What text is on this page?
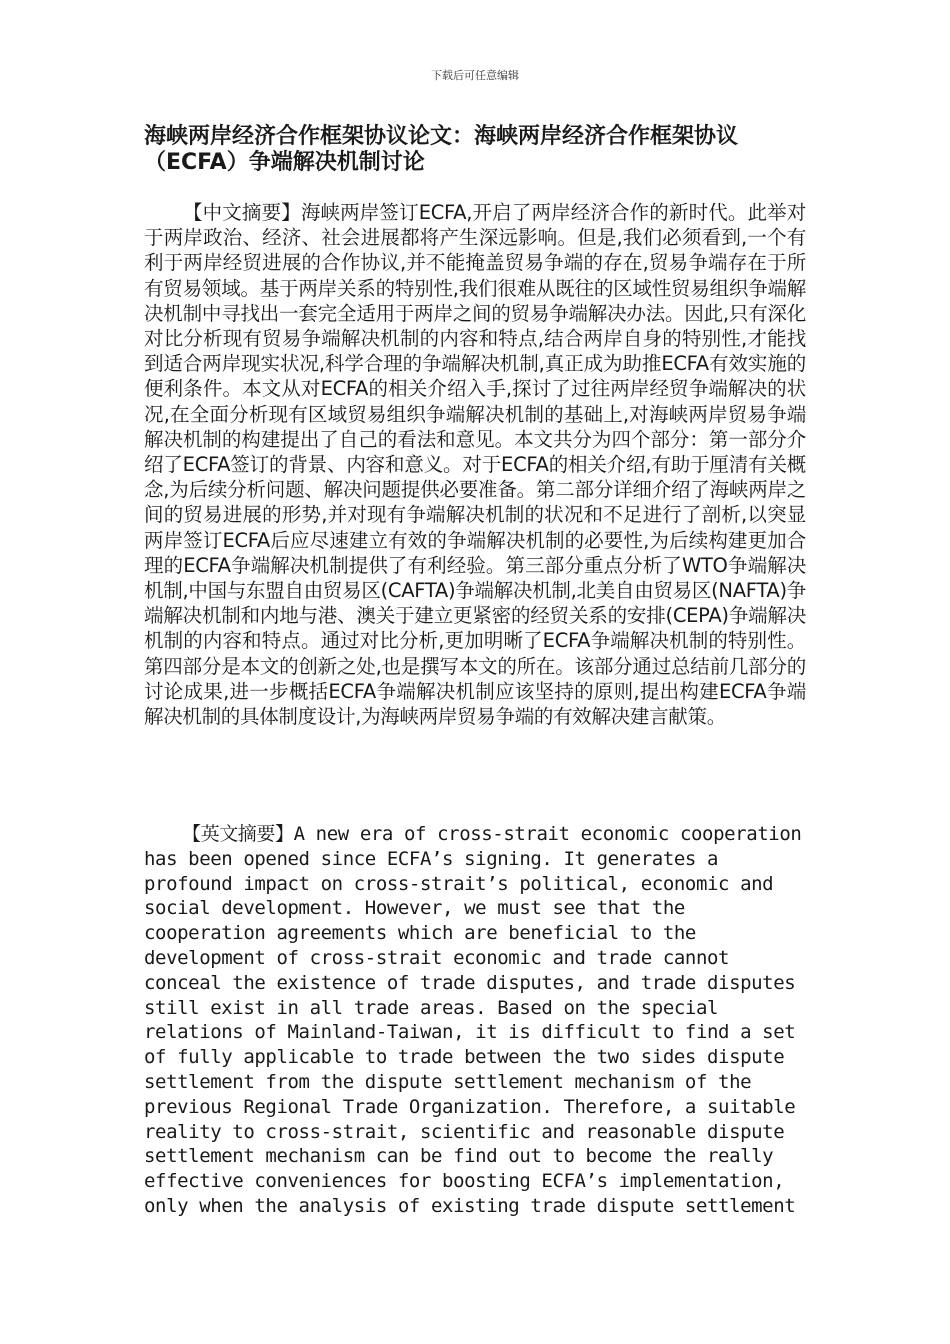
下载后可任意编辑
海峡两岸经济合作框架协议论文：海峡两岸经济合作框架协议（ECFA）争端解决机制讨论

【中文摘要】海峡两岸签订ECFA,开启了两岸经济合作的新时代。此举对于两岸政治、经济、社会进展都将产生深远影响。但是,我们必须看到,一个有利于两岸经贸进展的合作协议,并不能掩盖贸易争端的存在,贸易争端存在于所有贸易领域。基于两岸关系的特别性,我们很难从既往的区域性贸易组织争端解决机制中寻找出一套完全适用于两岸之间的贸易争端解决办法。因此,只有深化对比分析现有贸易争端解决机制的内容和特点,结合两岸自身的特别性,才能找到适合两岸现实状况,科学合理的争端解决机制,真正成为助推ECFA有效实施的便利条件。本文从对ECFA的相关介绍入手,探讨了过往两岸经贸争端解决的状况,在全面分析现有区域贸易组织争端解决机制的基础上,对海峡两岸贸易争端解决机制的构建提出了自己的看法和意见。本文共分为四个部分：第一部分介绍了ECFA签订的背景、内容和意义。对于ECFA的相关介绍,有助于厘清有关概念,为后续分析问题、解决问题提供必要准备。第二部分详细介绍了海峡两岸之间的贸易进展的形势,并对现有争端解决机制的状况和不足进行了剖析,以突显两岸签订ECFA后应尽速建立有效的争端解决机制的必要性,为后续构建更加合理的ECFA争端解决机制提供了有利经验。第三部分重点分析了WTO争端解决机制,中国与东盟自由贸易区(CAFTA)争端解决机制,北美自由贸易区(NAFTA)争端解决机制和内地与港、澳关于建立更紧密的经贸关系的安排(CEPA)争端解决机制的内容和特点。通过对比分析,更加明晰了ECFA争端解决机制的特别性。第四部分是本文的创新之处,也是撰写本文的所在。该部分通过总结前几部分的讨论成果,进一步概括ECFA争端解决机制应该坚持的原则,提出构建ECFA争端解决机制的具体制度设计,为海峡两岸贸易争端的有效解决建言献策。

【英文摘要】A new era of cross-strait economic cooperation has been opened since ECFA’s signing. It generates a profound impact on cross-strait’s political, economic and social development. However, we must see that the cooperation agreements which are beneficial to the development of cross-strait economic and trade cannot conceal the existence of trade disputes, and trade disputes still exist in all trade areas. Based on the special relations of Mainland-Taiwan, it is difficult to find a set of fully applicable to trade between the two sides dispute settlement from the dispute settlement mechanism of the previous Regional Trade Organization. Therefore, a suitable reality to cross-strait, scientific and reasonable dispute settlement mechanism can be find out to become the really effective conveniences for boosting ECFA’s implementation, only when the analysis of existing trade dispute settlement
